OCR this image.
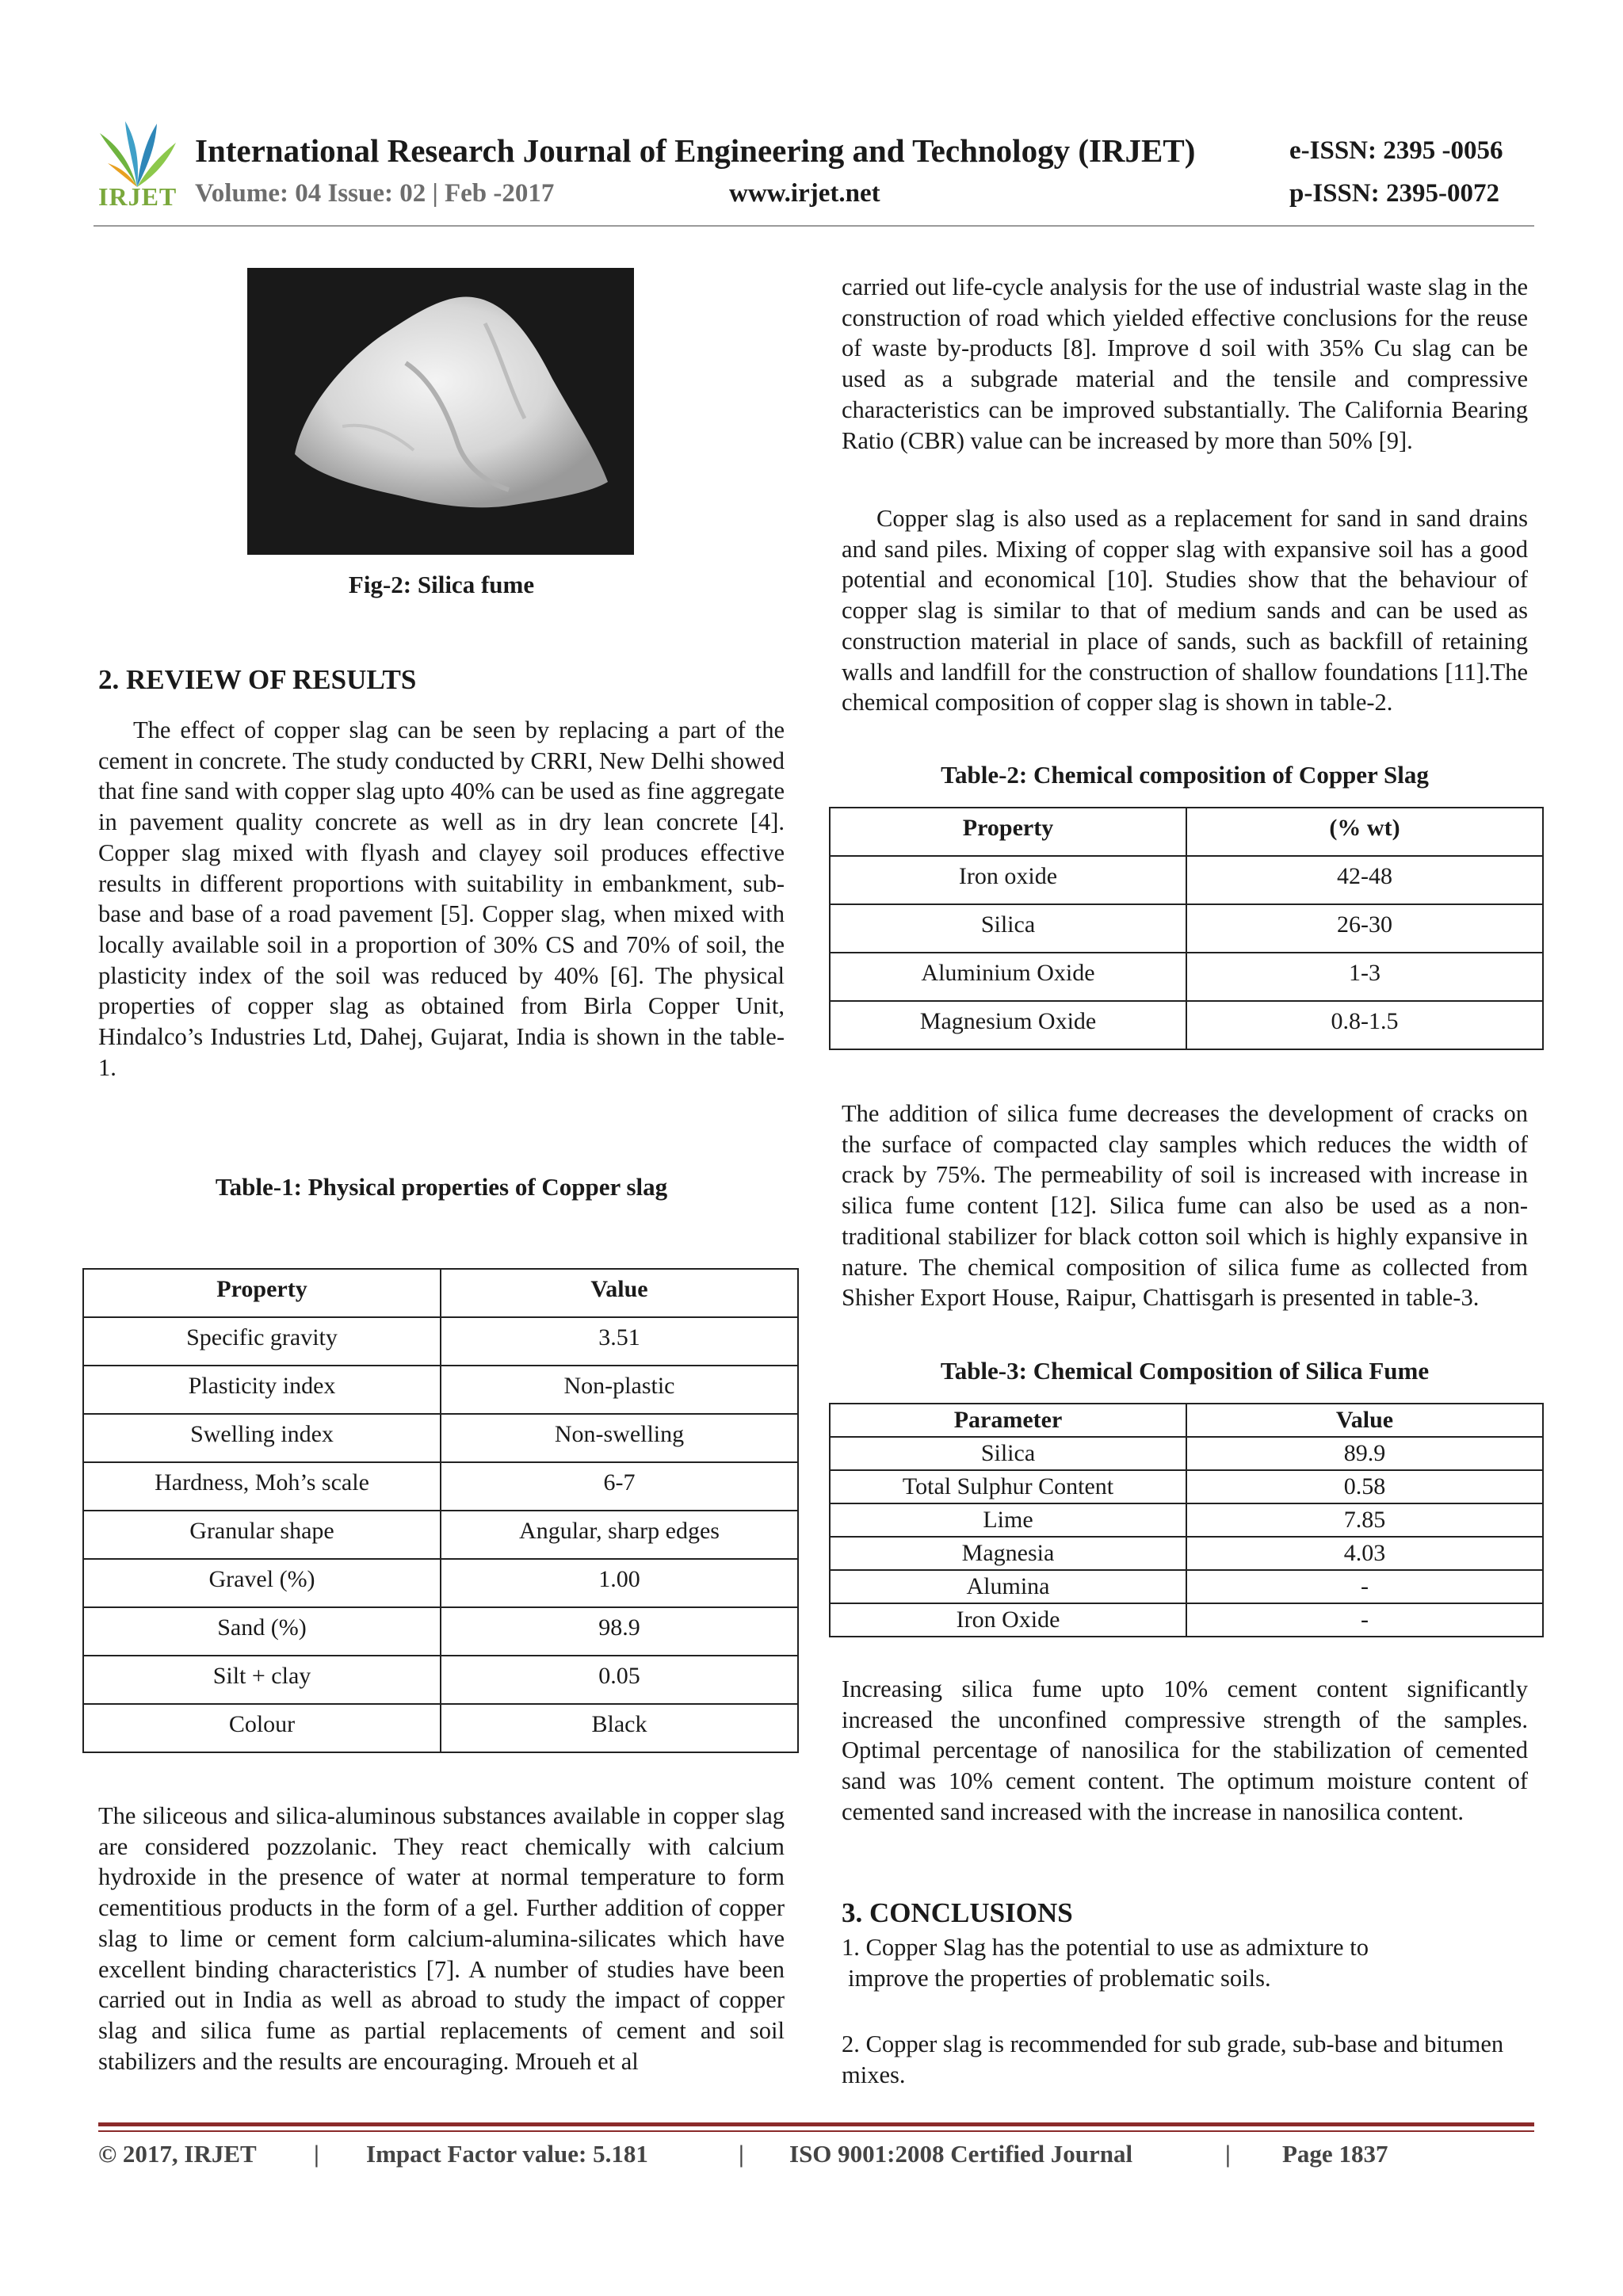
IRJET
International Research Journal of Engineering and Technology (IRJET)	e-ISSN: 2395 -0056
Volume: 04 Issue: 02 | Feb -2017	www.irjet.net	p-ISSN: 2395-0072
Fig-2: Silica fume
2. REVIEW OF RESULTS
The effect of copper slag can be seen by replacing a part of the cement in concrete. The study conducted by CRRI, New Delhi showed that fine sand with copper slag upto 40% can be used as fine aggregate in pavement quality concrete as well as in dry lean concrete [4]. Copper slag mixed with flyash and clayey soil produces effective results in different proportions with suitability in embankment, sub-base and base of a road pavement [5]. Copper slag, when mixed with locally available soil in a proportion of 30% CS and 70% of soil, the plasticity index of the soil was reduced by 40% [6]. The physical properties of copper slag as obtained from Birla Copper Unit, Hindalco’s Industries Ltd, Dahej, Gujarat, India is shown in the table-1.
Table-1: Physical properties of Copper slag
Property	Value
Specific gravity	3.51
Plasticity index	Non-plastic
Swelling index	Non-swelling
Hardness, Moh’s scale	6-7
Granular shape	Angular, sharp edges
Gravel (%)	1.00
Sand (%)	98.9
Silt + clay	0.05
Colour	Black
The siliceous and silica-aluminous substances available in copper slag are considered pozzolanic. They react chemically with calcium hydroxide in the presence of water at normal temperature to form cementitious products in the form of a gel. Further addition of copper slag to lime or cement form calcium-alumina-silicates which have excellent binding characteristics [7]. A number of studies have been carried out in India as well as abroad to study the impact of copper slag and silica fume as partial replacements of cement and soil stabilizers and the results are encouraging. Mroueh et al
carried out life-cycle analysis for the use of industrial waste slag in the construction of road which yielded effective conclusions for the reuse of waste by-products [8]. Improve d soil with 35% Cu slag can be used as a subgrade material and the tensile and compressive characteristics can be improved substantially. The California Bearing Ratio (CBR) value can be increased by more than 50% [9].
Copper slag is also used as a replacement for sand in sand drains and sand piles. Mixing of copper slag with expansive soil has a good potential and economical [10]. Studies show that the behaviour of copper slag is similar to that of medium sands and can be used as construction material in place of sands, such as backfill of retaining walls and landfill for the construction of shallow foundations [11].The chemical composition of copper slag is shown in table-2.
Table-2: Chemical composition of Copper Slag
Property	(% wt)
Iron oxide	42-48
Silica	26-30
Aluminium Oxide	1-3
Magnesium Oxide	0.8-1.5
The addition of silica fume decreases the development of cracks on the surface of compacted clay samples which reduces the width of crack by 75%. The permeability of soil is increased with increase in silica fume content [12]. Silica fume can also be used as a non-traditional stabilizer for black cotton soil which is highly expansive in nature. The chemical composition of silica fume as collected from Shisher Export House, Raipur, Chattisgarh is presented in table-3.
Table-3: Chemical Composition of Silica Fume
Parameter	Value
Silica	89.9
Total Sulphur Content	0.58
Lime	7.85
Magnesia	4.03
Alumina	-
Iron Oxide	-
Increasing silica fume upto 10% cement content significantly increased the unconfined compressive strength of the samples. Optimal percentage of nanosilica for the stabilization of cemented sand was 10% cement content. The optimum moisture content of cemented sand increased with the increase in nanosilica content.
3. CONCLUSIONS
1. Copper Slag has the potential to use as admixture to
improve the properties of problematic soils.
2. Copper slag is recommended for sub grade, sub-base and bitumen mixes.
© 2017, IRJET | Impact Factor value: 5.181	| ISO 9001:2008 Certified Journal	| Page 1837
